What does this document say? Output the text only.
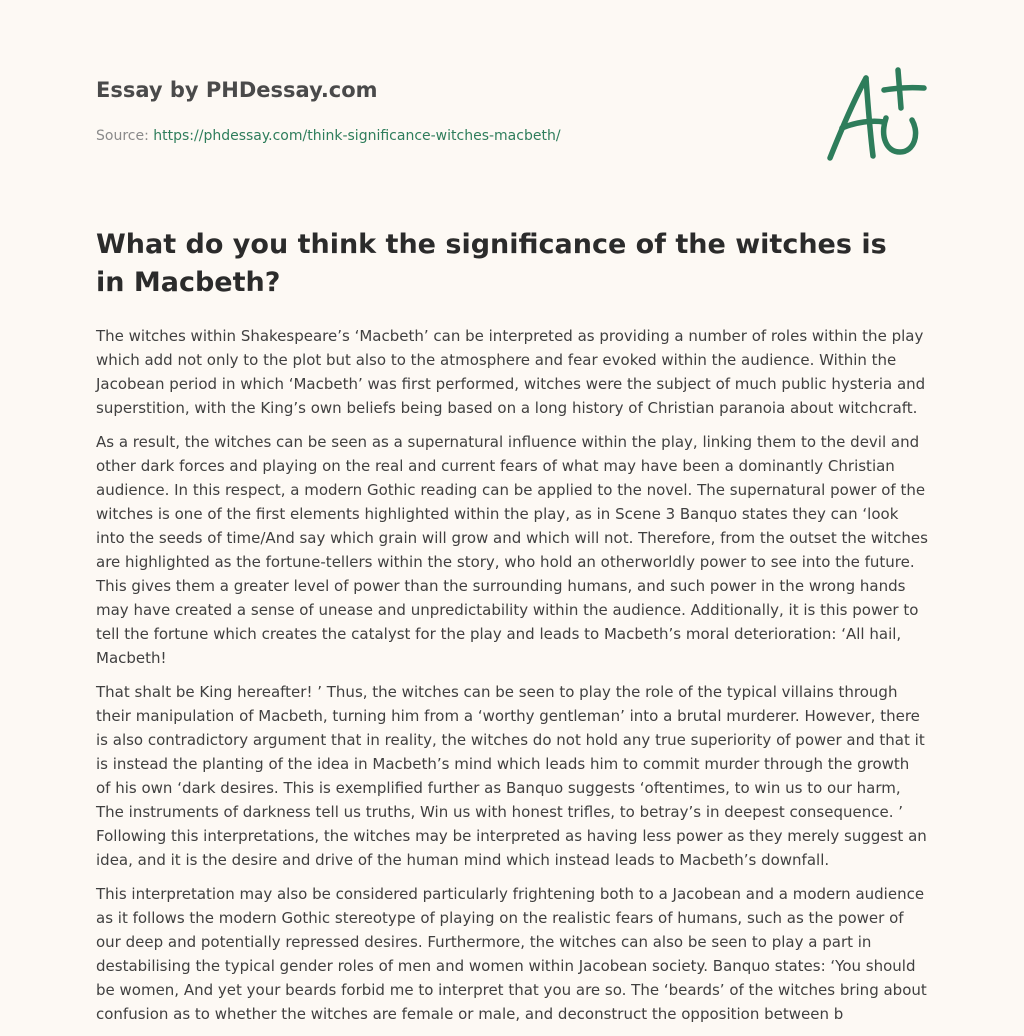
Essay by PHDessay.com
Source: https://phdessay.com/think-significance-witches-macbeth/
What do you think the significance of the witches is in Macbeth?

The witches within Shakespeare’s ‘Macbeth’ can be interpreted as providing a number of roles within the play which add not only to the plot but also to the atmosphere and fear evoked within the audience. Within the Jacobean period in which ‘Macbeth’ was first performed, witches were the subject of much public hysteria and superstition, with the King’s own beliefs being based on a long history of Christian paranoia about witchcraft.

As a result, the witches can be seen as a supernatural influence within the play, linking them to the devil and other dark forces and playing on the real and current fears of what may have been a dominantly Christian audience. In this respect, a modern Gothic reading can be applied to the novel. The supernatural power of the witches is one of the first elements highlighted within the play, as in Scene 3 Banquo states they can ‘look into the seeds of time/And say which grain will grow and which will not. Therefore, from the outset the witches are highlighted as the fortune-tellers within the story, who hold an otherworldly power to see into the future. This gives them a greater level of power than the surrounding humans, and such power in the wrong hands may have created a sense of unease and unpredictability within the audience. Additionally, it is this power to tell the fortune which creates the catalyst for the play and leads to Macbeth’s moral deterioration: ‘All hail, Macbeth!

That shalt be King hereafter! ’ Thus, the witches can be seen to play the role of the typical villains through their manipulation of Macbeth, turning him from a ‘worthy gentleman’ into a brutal murderer. However, there is also contradictory argument that in reality, the witches do not hold any true superiority of power and that it is instead the planting of the idea in Macbeth’s mind which leads him to commit murder through the growth of his own ‘dark desires. This is exemplified further as Banquo suggests ‘oftentimes, to win us to our harm, The instruments of darkness tell us truths, Win us with honest trifles, to betray’s in deepest consequence. ’ Following this interpretations, the witches may be interpreted as having less power as they merely suggest an idea, and it is the desire and drive of the human mind which instead leads to Macbeth’s downfall.

This interpretation may also be considered particularly frightening both to a Jacobean and a modern audience as it follows the modern Gothic stereotype of playing on the realistic fears of humans, such as the power of our deep and potentially repressed desires. Furthermore, the witches can also be seen to play a part in destabilising the typical gender roles of men and women within Jacobean society. Banquo states: ‘You should be women, And yet your beards forbid me to interpret that you are so. The ‘beards’ of the witches bring about confusion as to whether the witches are female or male, and deconstruct the opposition between b
